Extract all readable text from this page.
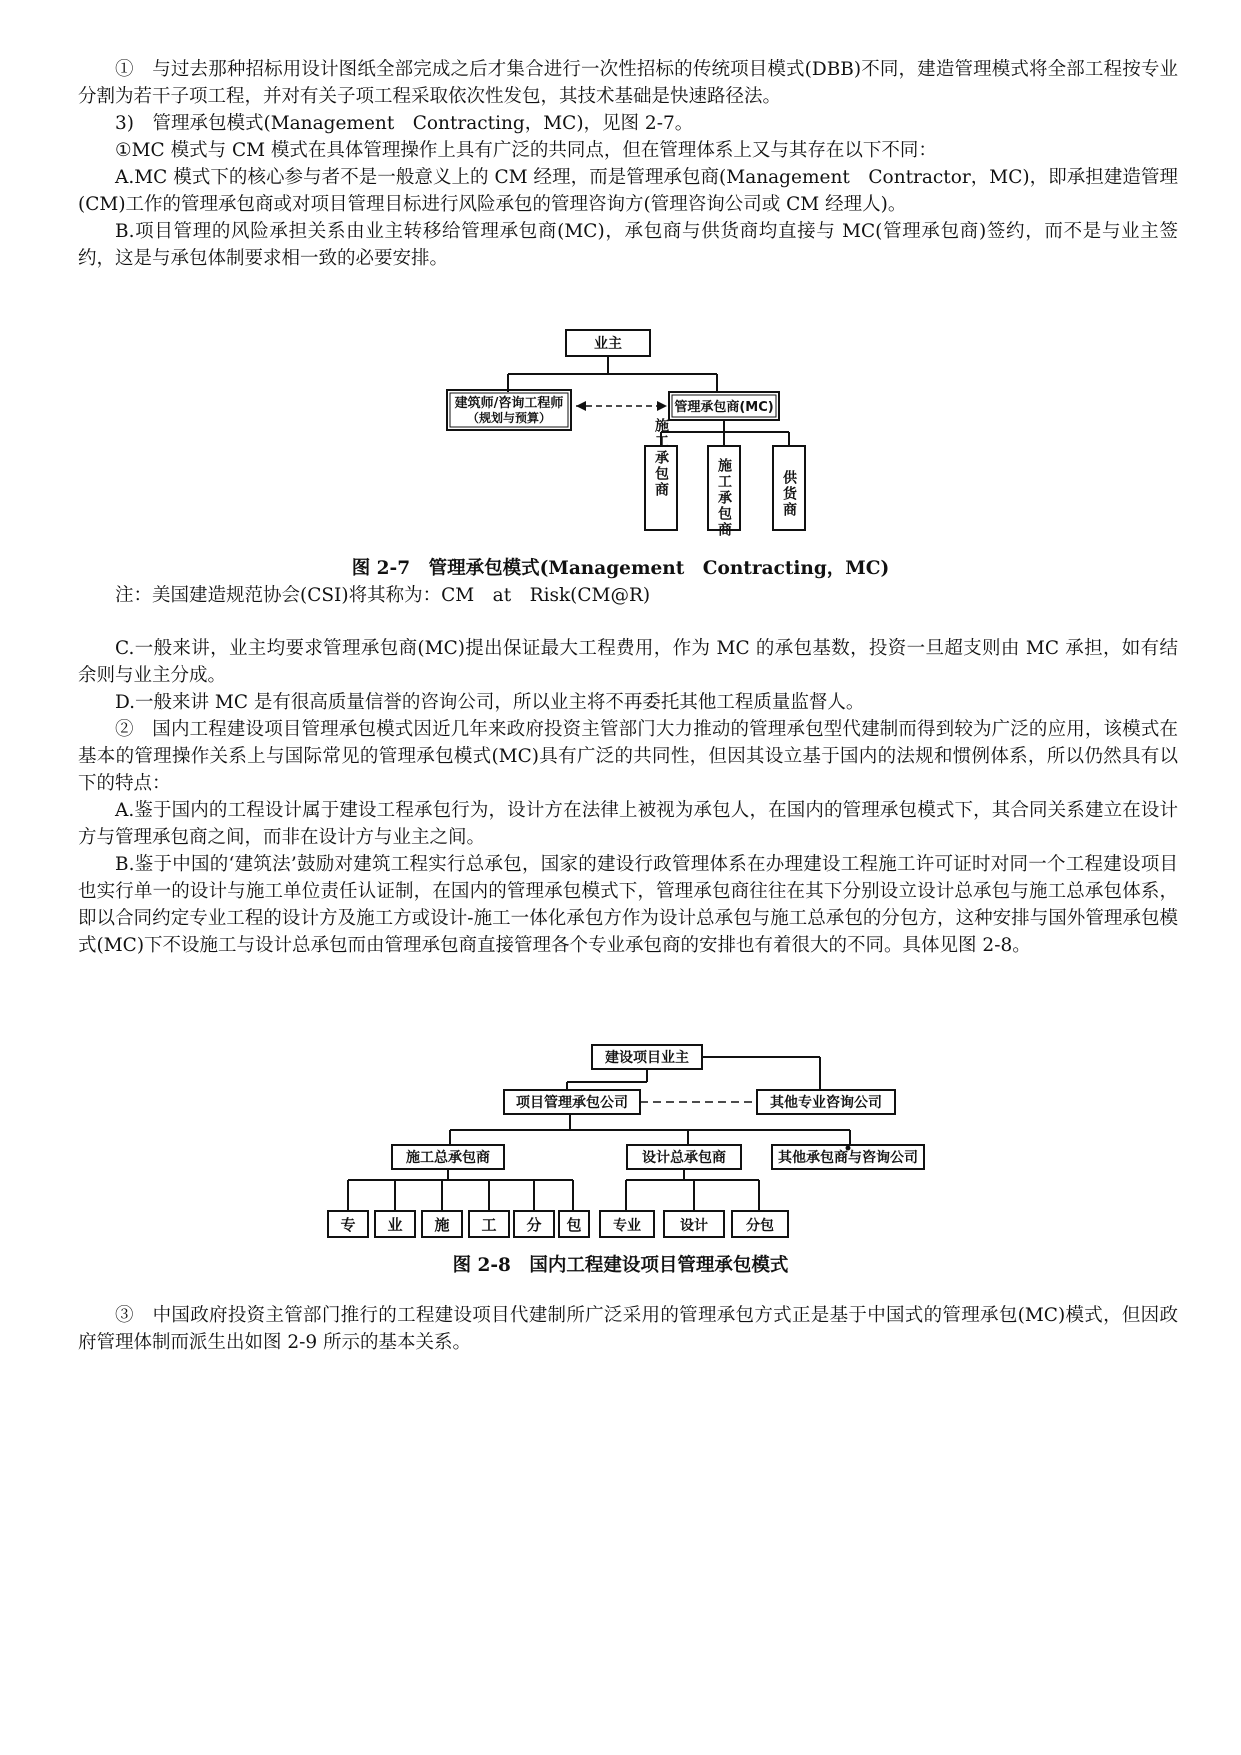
①　与过去那种招标用设计图纸全部完成之后才集合进行一次性招标的传统项目模式(DBB)不同，建造管理模式将全部工程按专业分割为若干子项工程，并对有关子项工程采取依次性发包，其技术基础是快速路径法。

3)　管理承包模式(Management　Contracting，MC)，见图 2-7。

①MC 模式与 CM 模式在具体管理操作上具有广泛的共同点，但在管理体系上又与其存在以下不同：

A.MC 模式下的核心参与者不是一般意义上的 CM 经理，而是管理承包商(Management　Contractor，MC)，即承担建造管理(CM)工作的管理承包商或对项目管理目标进行风险承包的管理咨询方(管理咨询公司或 CM 经理人)。

B.项目管理的风险承担关系由业主转移给管理承包商(MC)，承包商与供货商均直接与 MC(管理承包商)签约，而不是与业主签约，这是与承包体制要求相一致的必要安排。

业主
建筑师/咨询工程师
（规划与预算）
管理承包商(MC)
施工承包商	施工承包商	供货商
图 2-7　管理承包模式(Management　Contracting，MC)
注：美国建造规范协会(CSI)将其称为：CM　at　Risk(CM@R)

C.一般来讲，业主均要求管理承包商(MC)提出保证最大工程费用，作为 MC 的承包基数，投资一旦超支则由 MC 承担，如有结余则与业主分成。

D.一般来讲 MC 是有很高质量信誉的咨询公司，所以业主将不再委托其他工程质量监督人。

②　国内工程建设项目管理承包模式因近几年来政府投资主管部门大力推动的管理承包型代建制而得到较为广泛的应用，该模式在基本的管理操作关系上与国际常见的管理承包模式(MC)具有广泛的共同性，但因其设立基于国内的法规和惯例体系，所以仍然具有以下的特点：

A.鉴于国内的工程设计属于建设工程承包行为，设计方在法律上被视为承包人，在国内的管理承包模式下，其合同关系建立在设计方与管理承包商之间，而非在设计方与业主之间。

B.鉴于中国的‘建筑法’鼓励对建筑工程实行总承包，国家的建设行政管理体系在办理建设工程施工许可证时对同一个工程建设项目也实行单一的设计与施工单位责任认证制，在国内的管理承包模式下，管理承包商往往在其下分别设立设计总承包与施工总承包体系，即以合同约定专业工程的设计方及施工方或设计-施工一体化承包方作为设计总承包与施工总承包的分包方，这种安排与国外管理承包模式(MC)下不设施工与设计总承包而由管理承包商直接管理各个专业承包商的安排也有着很大的不同。具体见图 2-8。

建设项目业主
项目管理承包公司	其他专业咨询公司
施工总承包商	设计总承包商	其他承包商与咨询公司
专 业 施 工 分 包 专业	设计	分包
图 2-8　国内工程建设项目管理承包模式

③　中国政府投资主管部门推行的工程建设项目代建制所广泛采用的管理承包方式正是基于中国式的管理承包(MC)模式，但因政府管理体制而派生出如图 2-9 所示的基本关系。
